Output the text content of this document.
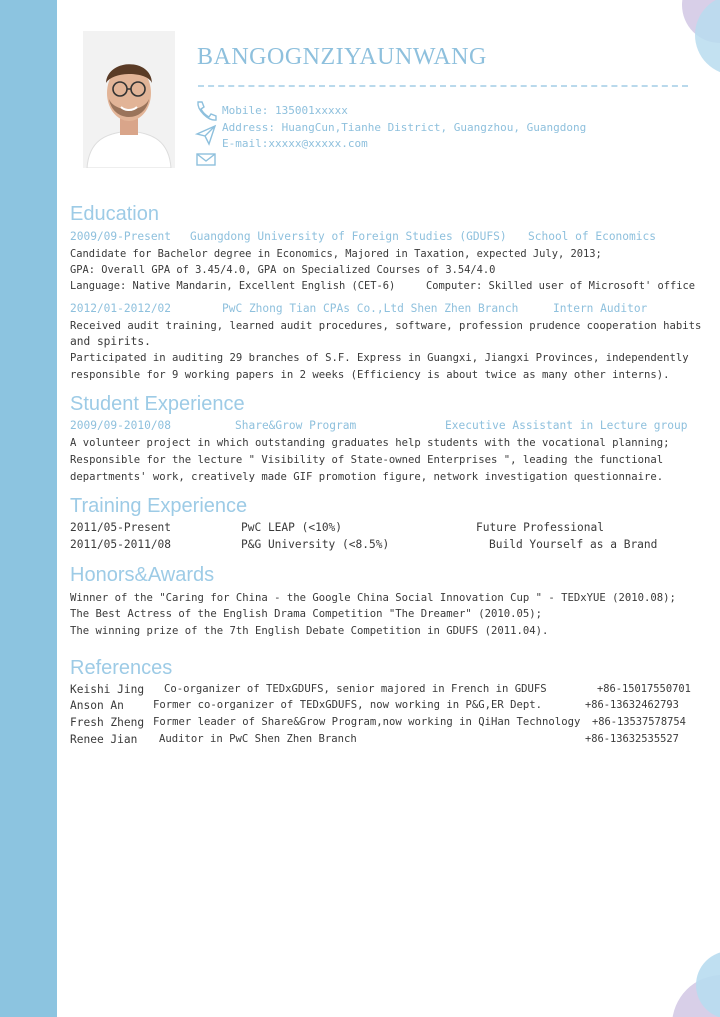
BANGOGNZIYAUNWANG
Mobile: 135001xxxxx
Address: HuangCun,Tianhe District, Guangzhou, Guangdong
E-mail:xxxxx@xxxxx.com
Education
2009/09-Present Guangdong University of Foreign Studies (GDUFS) School of Economics
Candidate for Bachelor degree in Economics, Majored in Taxation, expected July, 2013;
GPA: Overall GPA of 3.45/4.0, GPA on Specialized Courses of 3.54/4.0
Language: Native Mandarin, Excellent English (CET-6)	Computer: Skilled user of Microsoft' office
2012/01-2012/02	PwC Zhong Tian CPAs Co.,Ltd Shen Zhen Branch	Intern Auditor
Received audit training, learned audit procedures, software, profession prudence cooperation habits
and spirits.
Participated in auditing 29 branches of S.F. Express in Guangxi, Jiangxi Provinces, independently
responsible for 9 working papers in 2 weeks (Efficiency is about twice as many other interns).
Student Experience
2009/09-2010/08	Share&Grow Program	Executive Assistant in Lecture group
A volunteer project in which outstanding graduates help students with the vocational planning;
Responsible for the lecture " Visibility of State-owned Enterprises ", leading the functional
departments' work, creatively made GIF promotion figure, network investigation questionnaire.
Training Experience
2011/05-Present	PwC LEAP (<10%)	Future Professional
2011/05-2011/08	P&G University (<8.5%)	Build Yourself as a Brand
Honors&Awards
Winner of the "Caring for China - the Google China Social Innovation Cup " - TEDxYUE (2010.08);
The Best Actress of the English Drama Competition "The Dreamer" (2010.05);
The winning prize of the 7th English Debate Competition in GDUFS (2011.04).
References
Keishi Jing Co-organizer of TEDxGDUFS, senior majored in French in GDUFS	+86-15017550701
Anson An	Former co-organizer of TEDxGDUFS, now working in P&G,ER Dept.	+86-13632462793
Fresh Zheng Former leader of Share&Grow Program,now working in QiHan Technology +86-13537578754
Renee Jian Auditor in PwC Shen Zhen Branch	+86-13632535527
